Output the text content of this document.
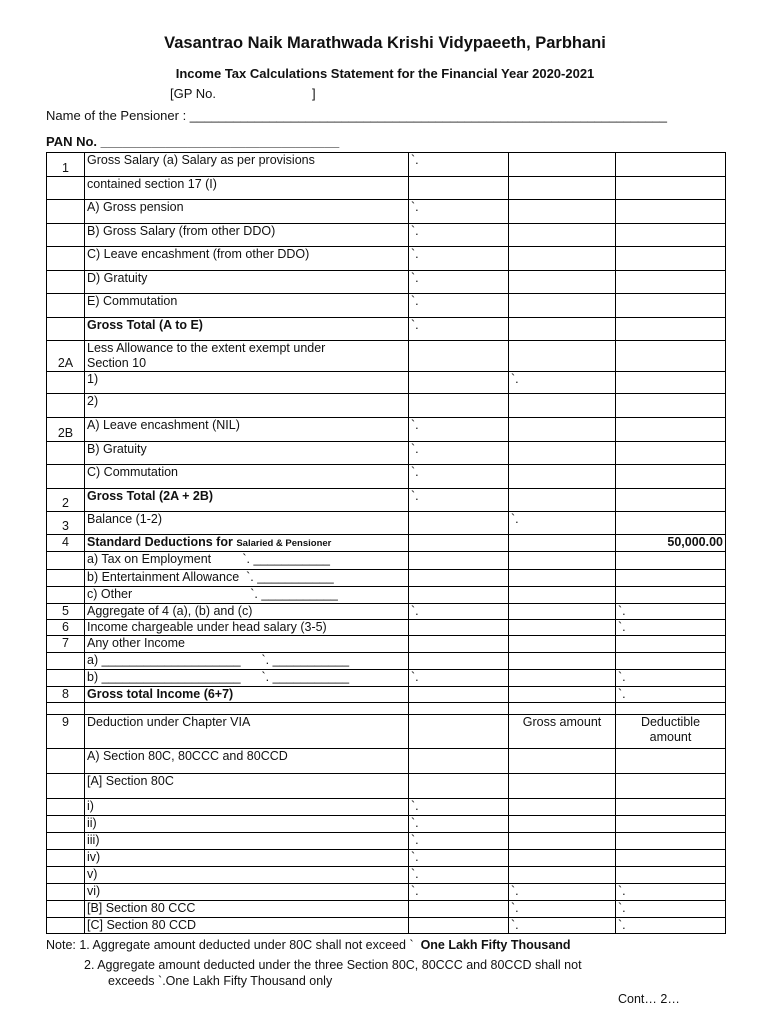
Vasantrao Naik Marathwada Krishi Vidypaeeth, Parbhani
Income Tax Calculations Statement for the Financial Year 2020-2021
[GP No.	]
Name of the Pensioner : __________________________________________________________________
PAN No. _________________________________
1	Gross Salary (a) Salary as per provisions	`.		
	contained section 17 (I)			
	A) Gross pension	`.		
	B) Gross Salary (from other DDO)	`.		
	C) Leave encashment (from other DDO)	`.		
	D) Gratuity	`.		
	E) Commutation	`.		
	Gross Total (A to E)	`.		
2A	Less Allowance to the extent exempt under
Section 10			

	1)		`.	
	2)			
2B	A) Leave encashment (NIL)	`.		
	B) Gratuity	`.		
	C) Commutation	`.		
2	Gross Total (2A + 2B)	`.		
3	Balance (1-2)		`.	
4	Standard Deductions for Salaried & Pensioner			50,000.00
	a) Tax on Employment         `. ___________			
	b) Entertainment Allowance  `. ___________			
	c) Other                                  `. ___________			
5	Aggregate of 4 (a), (b) and (c)	`.		`.
6	Income chargeable under head salary (3-5)			`.
7	Any other Income			
	a) ____________________      `. ___________			
	b) ____________________      `. ___________	`.		`.
8	Gross total Income (6+7)			`.

9	Deduction under Chapter VIA		Gross amount	Deductible
amount

	A) Section 80C, 80CCC and 80CCD			
	[A] Section 80C			
	i)	`.		
	ii)	`.		
	iii)	`.		
	iv)	`.		
	v)	`.		
	vi)	`.	`.	`.
	[B] Section 80 CCC		`.	`.
	[C] Section 80 CCD		`.	`.
Note: 1. Aggregate amount deducted under 80C shall not exceed `  One Lakh Fifty Thousand
2. Aggregate amount deducted under the three Section 80C, 80CCC and 80CCD shall not
exceeds `.One Lakh Fifty Thousand only
Cont… 2…
